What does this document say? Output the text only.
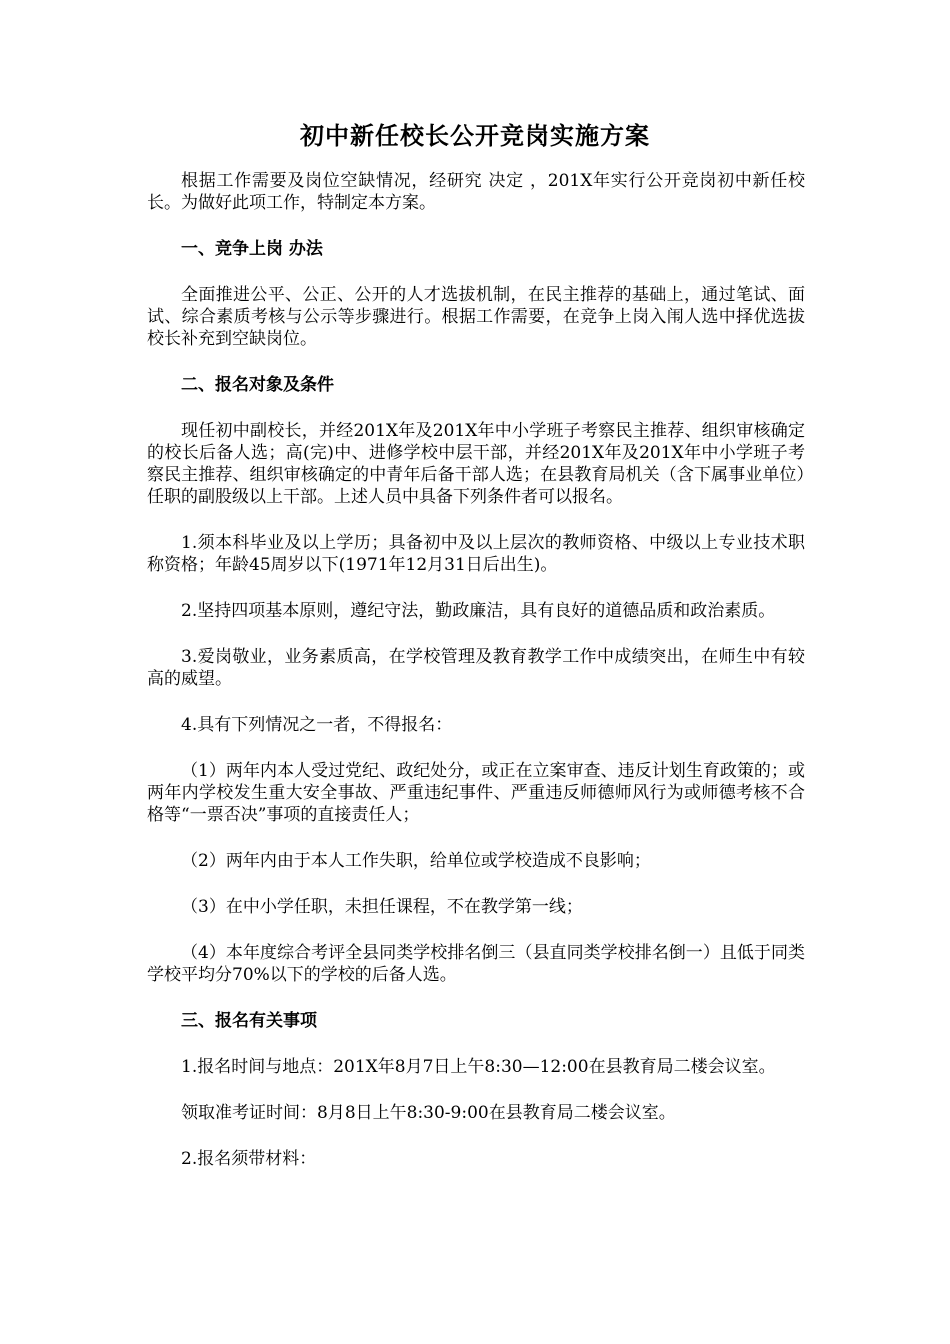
初中新任校长公开竞岗实施方案

根据工作需要及岗位空缺情况，经研究 决定 ，201X年实行公开竞岗初中新任校长。为做好此项工作，特制定本方案。

一、竞争上岗 办法

全面推进公平、公正、公开的人才选拔机制，在民主推荐的基础上，通过笔试、面试、综合素质考核与公示等步骤进行。根据工作需要，在竞争上岗入闱人选中择优选拔校长补充到空缺岗位。

二、报名对象及条件

现任初中副校长，并经201X年及201X年中小学班子考察民主推荐、组织审核确定的校长后备人选；高(完)中、进修学校中层干部，并经201X年及201X年中小学班子考察民主推荐、组织审核确定的中青年后备干部人选；在县教育局机关（含下属事业单位）任职的副股级以上干部。上述人员中具备下列条件者可以报名。

1.须本科毕业及以上学历；具备初中及以上层次的教师资格、中级以上专业技术职称资格；年龄45周岁以下(1971年12月31日后出生)。

2.坚持四项基本原则，遵纪守法，勤政廉洁，具有良好的道德品质和政治素质。

3.爱岗敬业，业务素质高，在学校管理及教育教学工作中成绩突出，在师生中有较高的威望。

4.具有下列情况之一者，不得报名：

（1）两年内本人受过党纪、政纪处分，或正在立案审查、违反计划生育政策的；或两年内学校发生重大安全事故、严重违纪事件、严重违反师德师风行为或师德考核不合格等“一票否决”事项的直接责任人；

（2）两年内由于本人工作失职，给单位或学校造成不良影响；

（3）在中小学任职，未担任课程，不在教学第一线；

（4）本年度综合考评全县同类学校排名倒三（县直同类学校排名倒一）且低于同类学校平均分70%以下的学校的后备人选。

三、报名有关事项

1.报名时间与地点：201X年8月7日上午8:30—12:00在县教育局二楼会议室。

领取准考证时间：8月8日上午8:30-9:00在县教育局二楼会议室。

2.报名须带材料：
